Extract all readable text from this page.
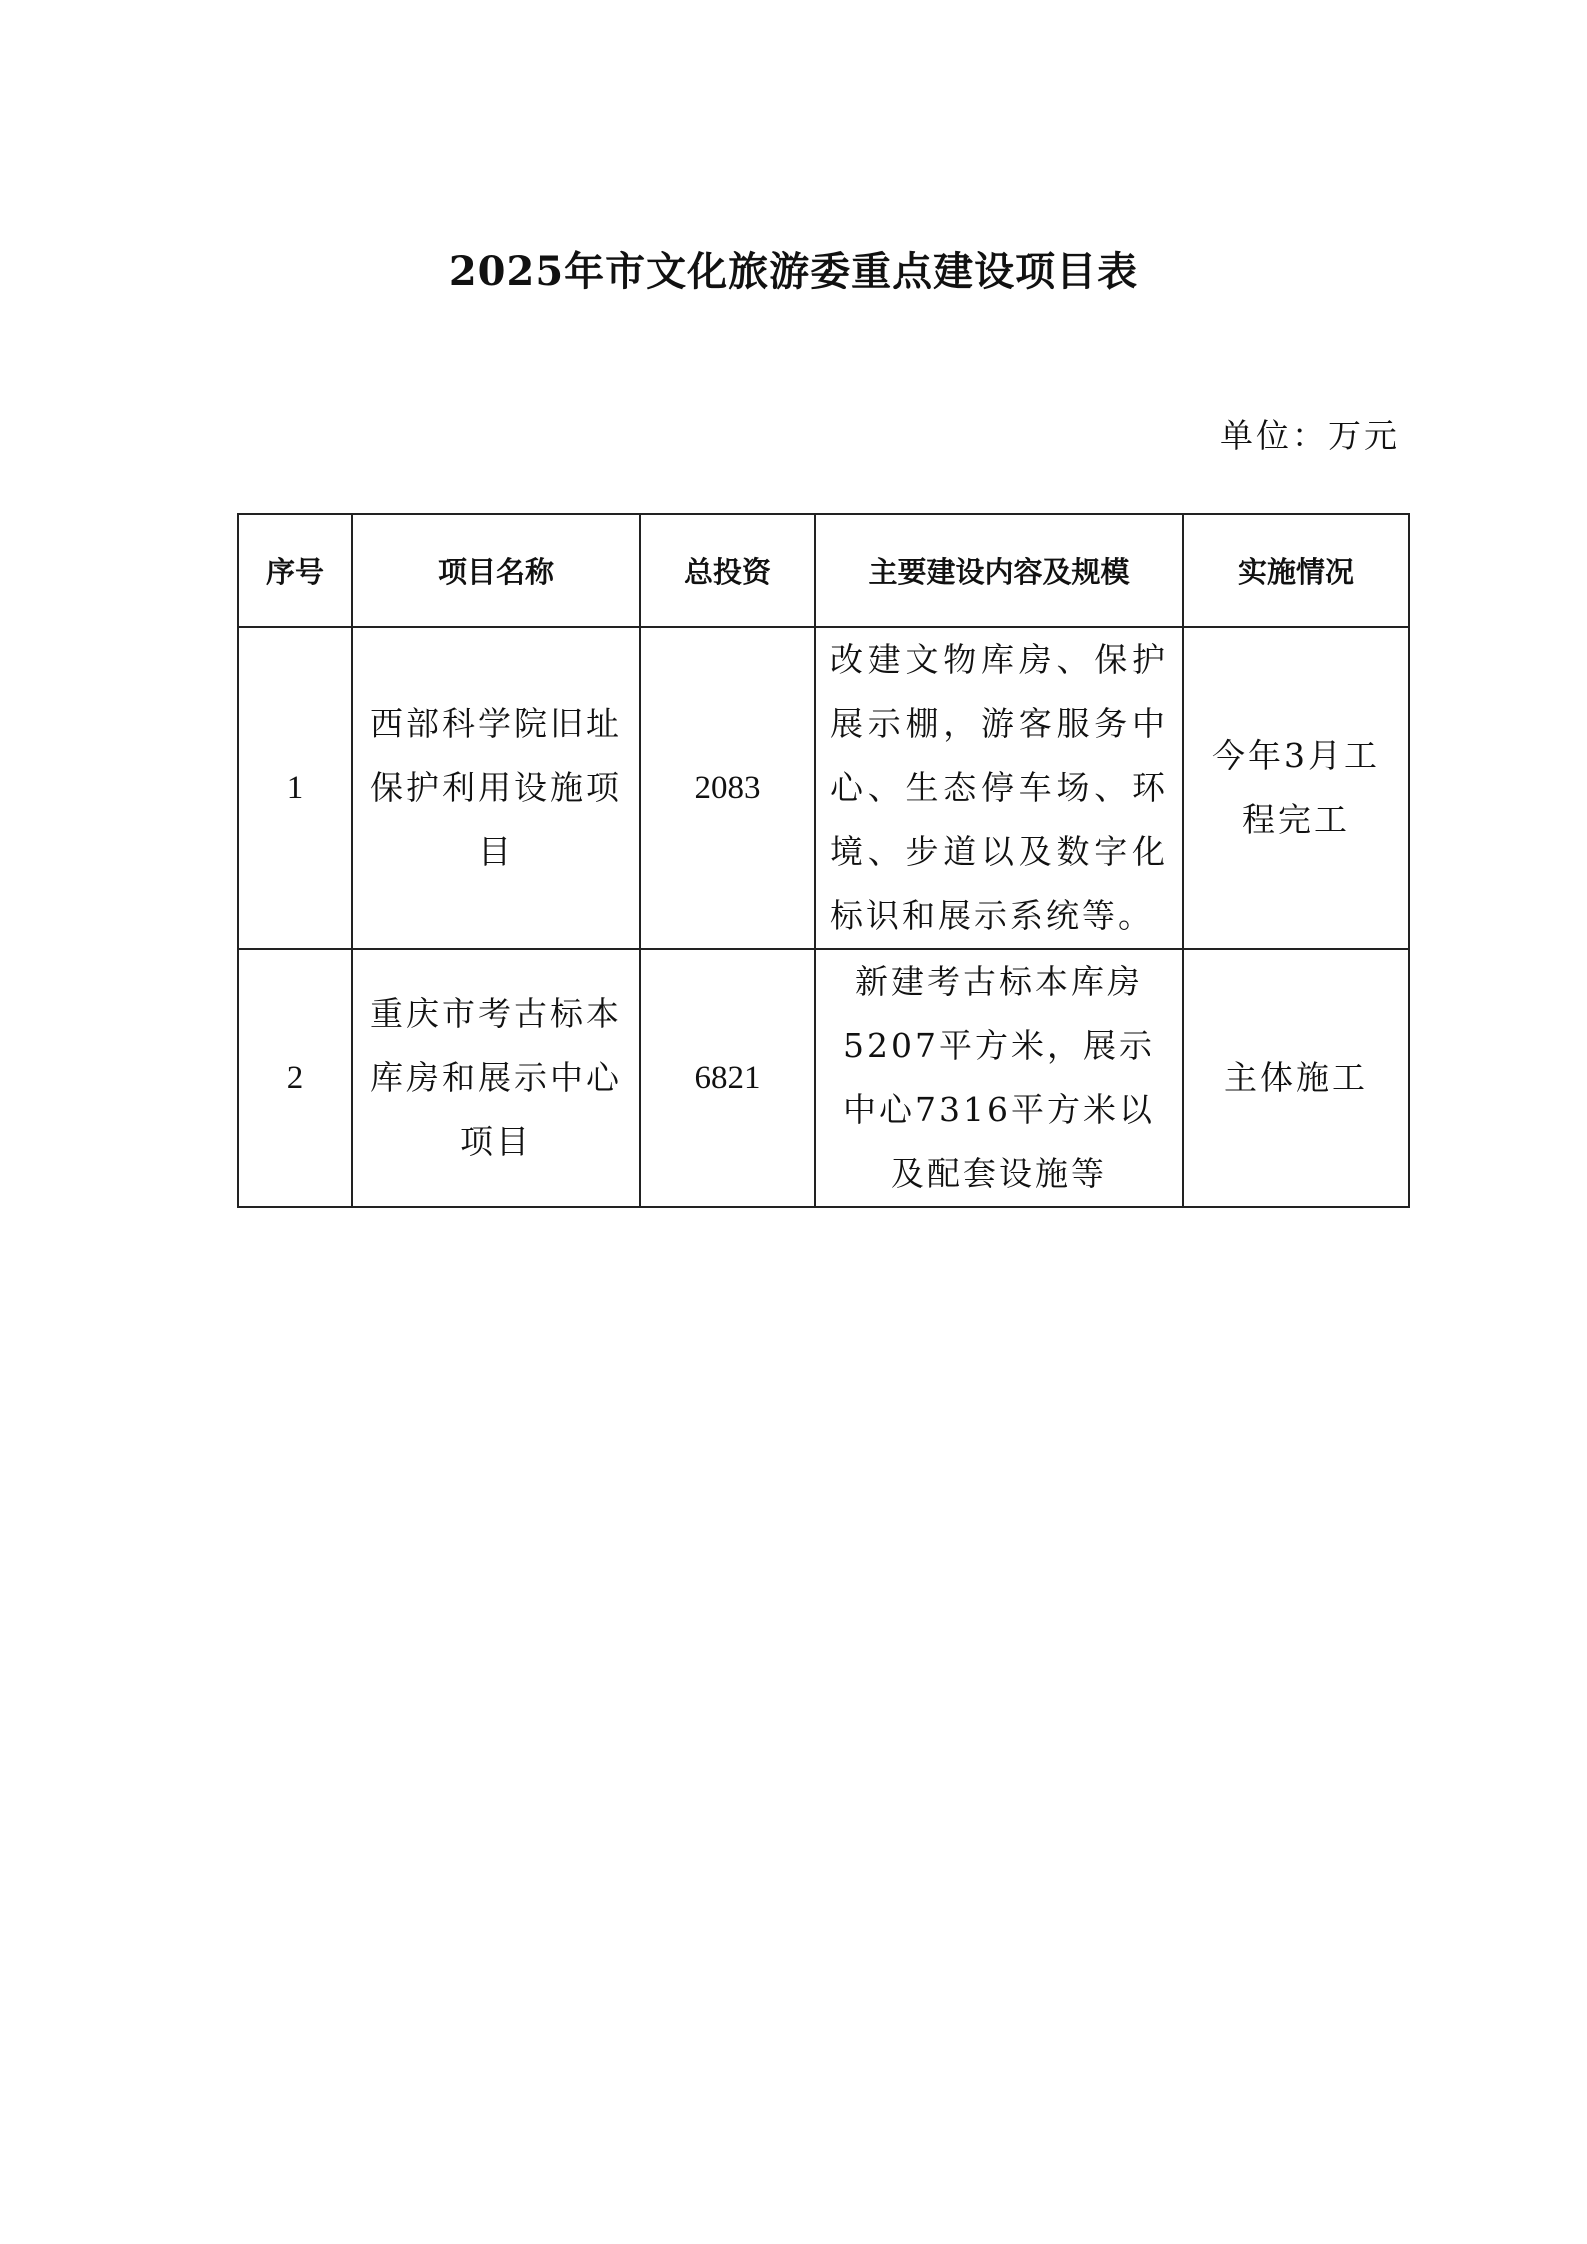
2025年市文化旅游委重点建设项目表
单位：万元
序号	项目名称	总投资	主要建设内容及规模	实施情况
1	西部科学院旧址保护利用设施项目	2083	改建文物库房、保护展示棚，游客服务中心、生态停车场、环境、步道以及数字化标识和展示系统等。	今年3月工程完工
2	重庆市考古标本库房和展示中心项目	6821	新建考古标本库房5207平方米，展示中心7316平方米以及配套设施等	主体施工
